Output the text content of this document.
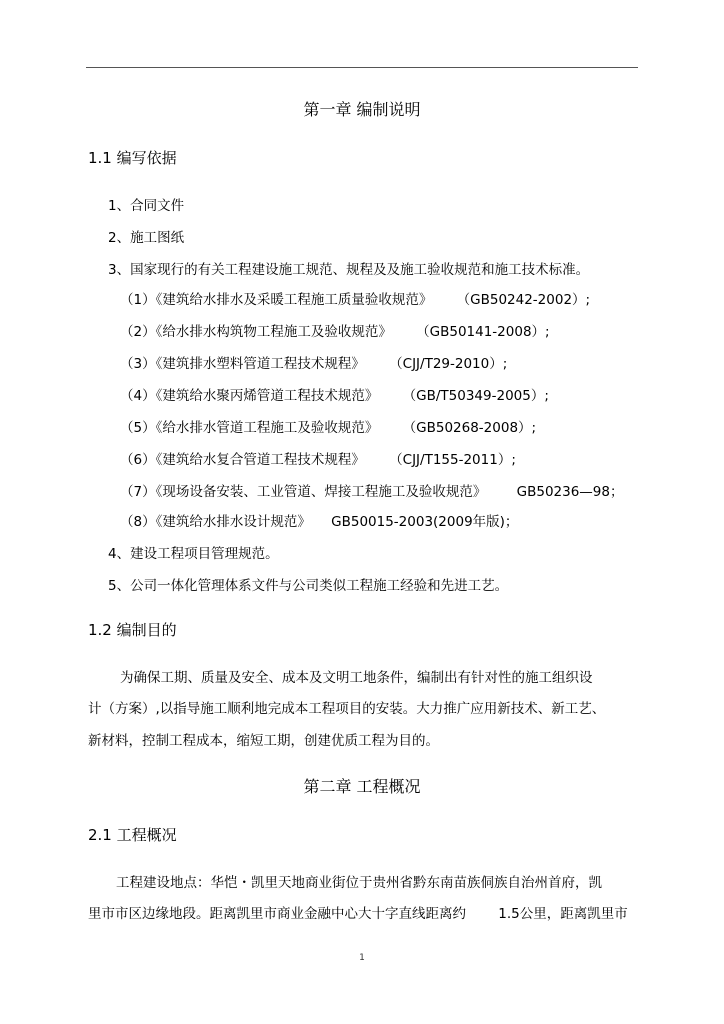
第一章 编制说明
1.1 编写依据
1、合同文件
2、施工图纸
3、国家现行的有关工程建设施工规范、规程及及施工验收规范和施工技术标准。
（1）《建筑给水排水及采暖工程施工质量验收规范》 （GB50242-2002）;
（2）《给水排水构筑物工程施工及验收规范》 （GB50141-2008）;
（3）《建筑排水塑料管道工程技术规程》 （CJJ/T29-2010）;
（4）《建筑给水聚丙烯管道工程技术规范》 （GB/T50349-2005）;
（5）《给水排水管道工程施工及验收规范》 （GB50268-2008）;
（6）《建筑给水复合管道工程技术规程》 （CJJ/T155-2011）;
（7）《现场设备安装、工业管道、焊接工程施工及验收规范》 GB50236—98；
（8）《建筑给水排水设计规范》 GB50015-2003(2009年版)；
4、建设工程项目管理规范。
5、公司一体化管理体系文件与公司类似工程施工经验和先进工艺。
1.2 编制目的
为确保工期、质量及安全、成本及文明工地条件，编制出有针对性的施工组织设
计（方案）,以指导施工顺利地完成本工程项目的安装。大力推广应用新技术、新工艺、
新材料，控制工程成本，缩短工期，创建优质工程为目的。
第二章 工程概况
2.1 工程概况
工程建设地点：华恺・凯里天地商业街位于贵州省黔东南苗族侗族自治州首府，凯
里市市区边缘地段。距离凯里市商业金融中心大十字直线距离约 1.5公里，距离凯里市
1
